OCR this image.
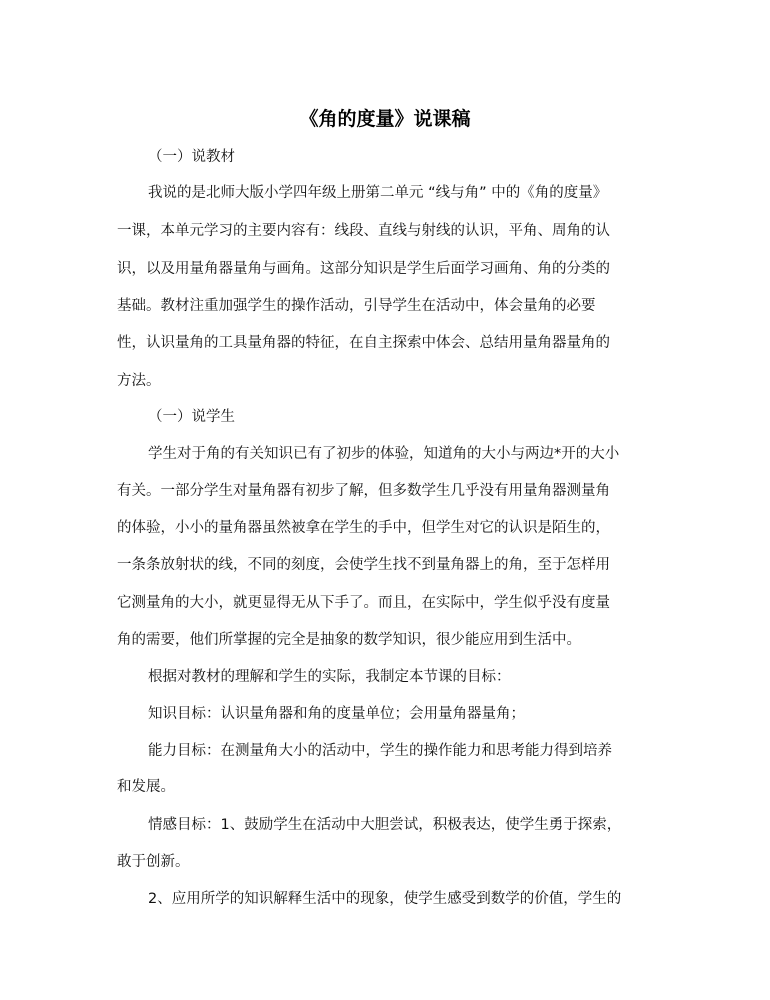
《角的度量》说课稿

（一）说教材

我说的是北师大版小学四年级上册第二单元 “线与角” 中的《角的度量》

一课，本单元学习的主要内容有：线段、直线与射线的认识，平角、周角的认

识，以及用量角器量角与画角。这部分知识是学生后面学习画角、角的分类的

基础。教材注重加强学生的操作活动，引导学生在活动中，体会量角的必要

性，认识量角的工具量角器的特征，在自主探索中体会、总结用量角器量角的

方法。

（一）说学生

学生对于角的有关知识已有了初步的体验，知道角的大小与两边*开的大小

有关。一部分学生对量角器有初步了解，但多数学生几乎没有用量角器测量角

的体验，小小的量角器虽然被拿在学生的手中，但学生对它的认识是陌生的，

一条条放射状的线，不同的刻度，会使学生找不到量角器上的角，至于怎样用

它测量角的大小，就更显得无从下手了。而且，在实际中，学生似乎没有度量

角的需要，他们所掌握的完全是抽象的数学知识，很少能应用到生活中。

根据对教材的理解和学生的实际，我制定本节课的目标：

知识目标：认识量角器和角的度量单位；会用量角器量角；

能力目标：在测量角大小的活动中，学生的操作能力和思考能力得到培养

和发展。

情感目标：1、鼓励学生在活动中大胆尝试，积极表达，使学生勇于探索，

敢于创新。

2、应用所学的知识解释生活中的现象，使学生感受到数学的价值，学生的
